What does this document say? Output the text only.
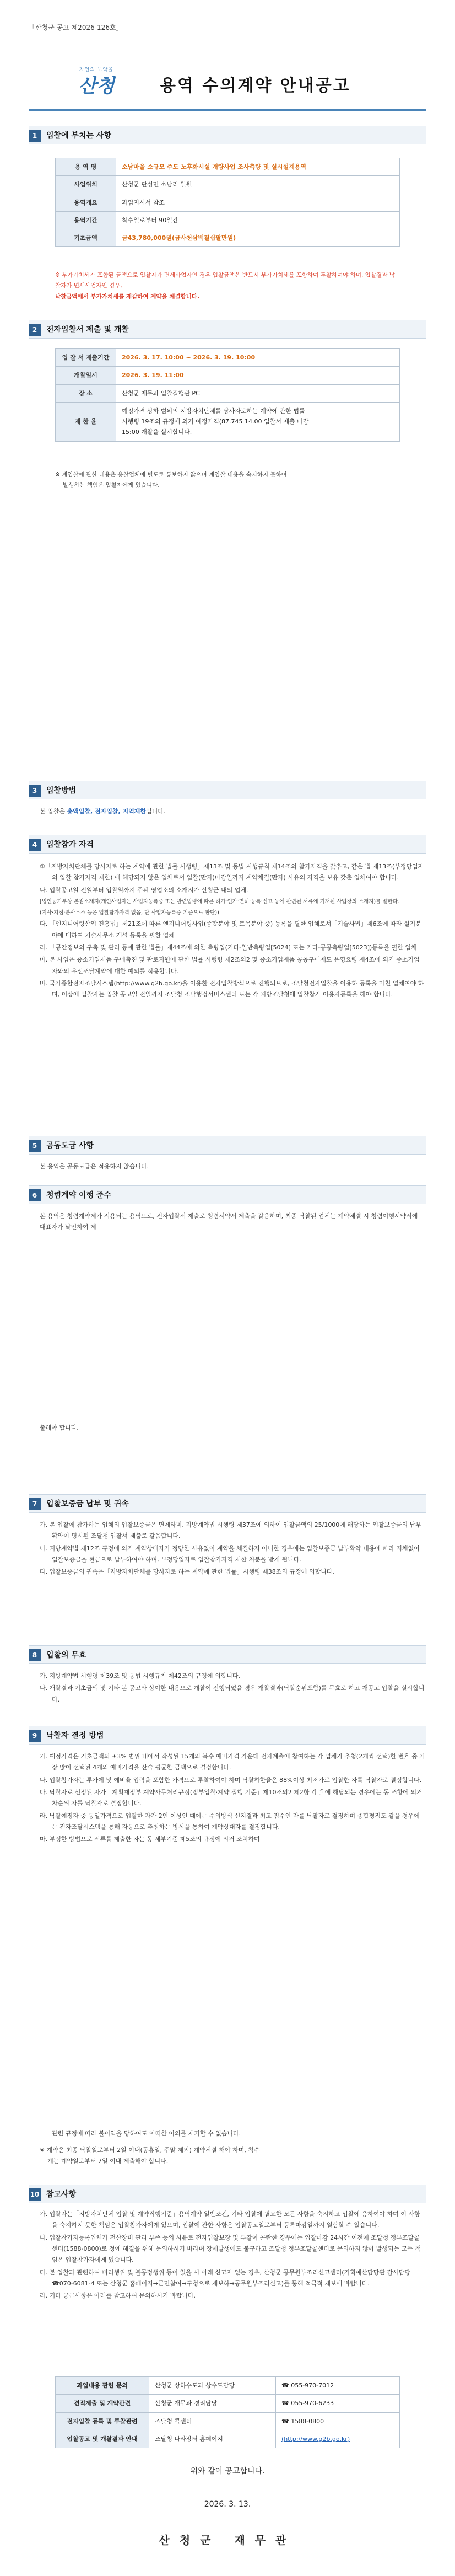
「산청군 공고 제2026-126호」
자연의 보약을
산청	용역 수의계약 안내공고
1	입찰에 부치는 사항
용 역 명	소남마을 소규모 주도 노후화시설 개량사업 조사측량 및 실시설계용역
사업위치	산청군 단성면 소남리 일원
용역개요	과업지시서 참조
용역기간	착수일로부터 90일간
기초금액	금43,780,000원(금사천삼백칠십팔만원)
※ 부가가치세가 포함된 금액으로 입찰자가 면세사업자인 경우 입찰금액은 반드시 부가가치세를 포함하여 투찰하여야 하며, 입찰결과 낙찰자가 면세사업자인 경우,
낙찰금액에서 부가가치세를 제감하여 계약을 체결합니다.
2	전자입찰서 제출 및 개찰
입 찰 서 제출기간	2026. 3. 17. 10:00 ~ 2026. 3. 19. 10:00
개찰일시	2026. 3. 19. 11:00
장 소	산청군 재무과 입찰집행관 PC
제 한 율	예정가격 상하 범위의 지방자치단체를 당사자로하는 계약에 관한 법률
시행령 19조의 규정에 의거 예정가격(87.745 14.00 입찰서 제출 마감
15:00 개찰을 실시합니다.
※ 계입찰에 관한 내용은 응찰업체에 별도로 통보하지 않으며 계입찰 내용을 숙지하지 못하여
발생하는 책임은 입찰자에게 있습니다.
3	입찰방법
본 입찰은 총액입찰, 전자입찰, 지역제한입니다.
4	입찰참가 자격
①「지방자치단체를 당사자로 하는 계약에 관한 법률 시행령」제13조 및 동법 시행규칙 제14조의 참가자격을 갖추고, 같은 법 제13조(부정당업자의 입찰 참가자격 제한) 에 해당되지 않은 업체로서 입찰(만자)마감일까지 계약체결(만자) 사유의 자격을 보유 갖춘 업체여야 합니다.
나. 입찰공고일 전일부터 입찰일까지 주된 영업소의 소재지가 산청군 내의 업체.
[법인등기부상 본점소재지(개인사업자는 사업자등록증 또는 관련법령에 따른 허가·인가·면허·등록·신고 등에 관련된 서류에 기재된 사업장의 소재지)를 말한다.
(지사·지점·분사무소 등은 입찰참가자격 없음, 단 사업자등록증 기준으로 판단))
다. 「엔지니어링산업 진흥법」제21조에 따른 엔지니어링사업(종합분야 및 토목분야 중) 등록을 필한 업체로서「기술사법」제6조에 따라 설기분야에 대하여 기술사무소 개설 등록을 필한 업체
라. 「공간정보의 구축 및 관리 등에 관한 법률」제44조에 의한 측량업(기타-일반측량업[5024] 또는 기타-공공측량업[5023])등록을 필한 업체
마. 본 사업은 중소기업제품 구매촉진 및 판로지원에 관한 법률 시행령 제2조의2 및 중소기업제품 공공구매제도 운영요령 제4조에 의거 중소기업자와의 우선조달계약에 대한 예외를 적용합니다.
바. 국가종합전자조달시스템(http://www.g2b.go.kr)을 이용한 전자입찰방식으로 진행되므로, 조달청전자입찰을 이용하 등록을 마친 업체여야 하며, 이상에 입찰자는 입찰 공고일 전일까지 조달청 조달행정서비스센터 또는 각 지방조달청에 입찰참가 이용자등록을 해야 합니다.
5	공동도급 사항
본 용역은 공동도급은 적용하지 않습니다.
6	청렴계약 이행 준수
본 용역은 청렴계약제가 적용되는 용역으로, 전자입찰서 제출로 청렴서약서 제출을 갈음하며, 최종 낙찰된 업체는 계약체결 시 청렴이행서약서에 대표자가 날인하여 제
출해야 합니다.
7	입찰보증금 납부 및 귀속
가. 본 입찰에 참가하는 업체의 입찰보증금은 면제하며, 지방계약법 시행령 제37조에 의하여 입찰금액의 25/1000에 해당하는 입찰보증금의 납부확약이 명시된 조달청 입찰서 제출로 갈음합니다.
나. 지방계약법 제12조 규정에 의거 계약상대자가 정당한 사유없이 계약을 체결하지 아니한 경우에는 입찰보증금 납부확약 내용에 따라 지체없이 입찰보증금을 현금으로 납부하여야 하며, 부정당업자로 입찰참가자격 제한 처분을 받게 됩니다.
다. 입찰보증금의 귀속은「지방자치단체를 당사자로 하는 계약에 관한 법률」시행령 제38조의 규정에 의합니다.
8	입찰의 무효
가. 지방계약법 시행령 제39조 및 동법 시행규칙 제42조의 규정에 의합니다.
나. 개찰결과 기초금액 및 기타 본 공고와 상이한 내용으로 개찰이 진행되었을 경우 개찰결과(낙찰순위포함)를 무효로 하고 재공고 입찰을 실시합니다.
9	낙찰자 결정 방법
가. 예정가격은 기초금액의 ±3% 범위 내에서 작성된 15개의 복수 예비가격 가운데 전자계출에 참여하는 각 업체가 추첨(2개씩 선택)한 번호 중 가장 많이 선택된 4개의 예비가격을 산술 평균한 금액으로 결정합니다.
나. 입찰참가자는 투가에 및 예비율 입력을 포함한 가격으로 투찰하여야 하며 낙찰하한율은 88%이상 최저가로 입찰한 자를 낙찰자로 결정합니다.
다. 낙찰자로 선정된 자가「계획재정부 계약사무처리규정(정부입찰·계약 집행 기준」제10조의2 제2항 각 호에 해당되는 경우에는 동 조항에 의거 차순위 자를 낙찰자로 결정합니다.
라. 낙찰예정자 중 동일가격으로 입찰한 자가 2인 이상인 때에는 수의방식 선지결과 최고 점수인 자를 낙찰자로 결정하며 종합평점도 같을 경우에는 전자조달시스템을 통해 자동으로 추첨하는 방식을 통하여 계약상대자를 결정합니다.
마. 부정한 방법으로 서류를 제출한 자는 동 세부기준 제5조의 규정에 의거 조치하며
관련 규정에 따라 불이익을 당하여도 어떠한 이의를 제기할 수 없습니다.
※ 계약은 최종 낙찰일로부터 2일 이내(공휴일, 주말 제외) 계약체결 해야 하며, 착수
계는 계약일로부터 7일 이내 제출해야 합니다.
10 참고사항
가. 입찰자는「지방자치단체 입찰 및 계약집행기준」용역계약 일반조건, 기타 입찰에 필요한 모든 사항을 숙지하고 입찰에 응하여야 하며 이 사항을 숙지하지 못한 책임은 입찰참가자에게 있으며, 입찰에 관한 사항은 입찰공고일로부터 등록마감일까지 열람할 수 있습니다.
나. 입찰참가자등록업체가 전산장비 관리 부족 등의 사유로 전자입찰보장 및 투찰이 곤란한 경우에는 입찰마감 24시간 이전에 조달청 정부조달콜센터(1588-0800)로 정애 해결을 위해 문의하시기 바라며 장애발생에도 불구하고 조달청 정부조달콜센터로 문의하지 않아 발생되는 모든 책임은 입찰참가자에게 있습니다.
다. 본 입찰과 관련하여 비리행위 및 불공정행위 등이 있을 시 아래 신고자 없는 경우, 산청군 공무원부조리신고센터(기획예산담당관 감사담당 ☎070-6081-4 또는 산청군 홈페이지→군민참여→구청으로 제보하→공무원부조리신고)를 통해 적극적 제보에 바랍니다.
라. 기타 궁금사항은 아래를 참고하여 문의하시기 바랍니다.
과업내용 관련 문의	산청군 상하수도과 상수도담당	☎ 055-970-7012
견적제출 및 계약관련	산청군 재무과 경리담당	☎ 055-970-6233
전자입찰 등록 및 투찰관련	조달청 콜센터	☎ 1588-0800
입찰공고 및 개찰결과 안내	조달청 나라장터 홈페이지	(http://www.g2b.go.kr)
위와 같이 공고합니다.
2026. 3. 13.
산청군 재무관
